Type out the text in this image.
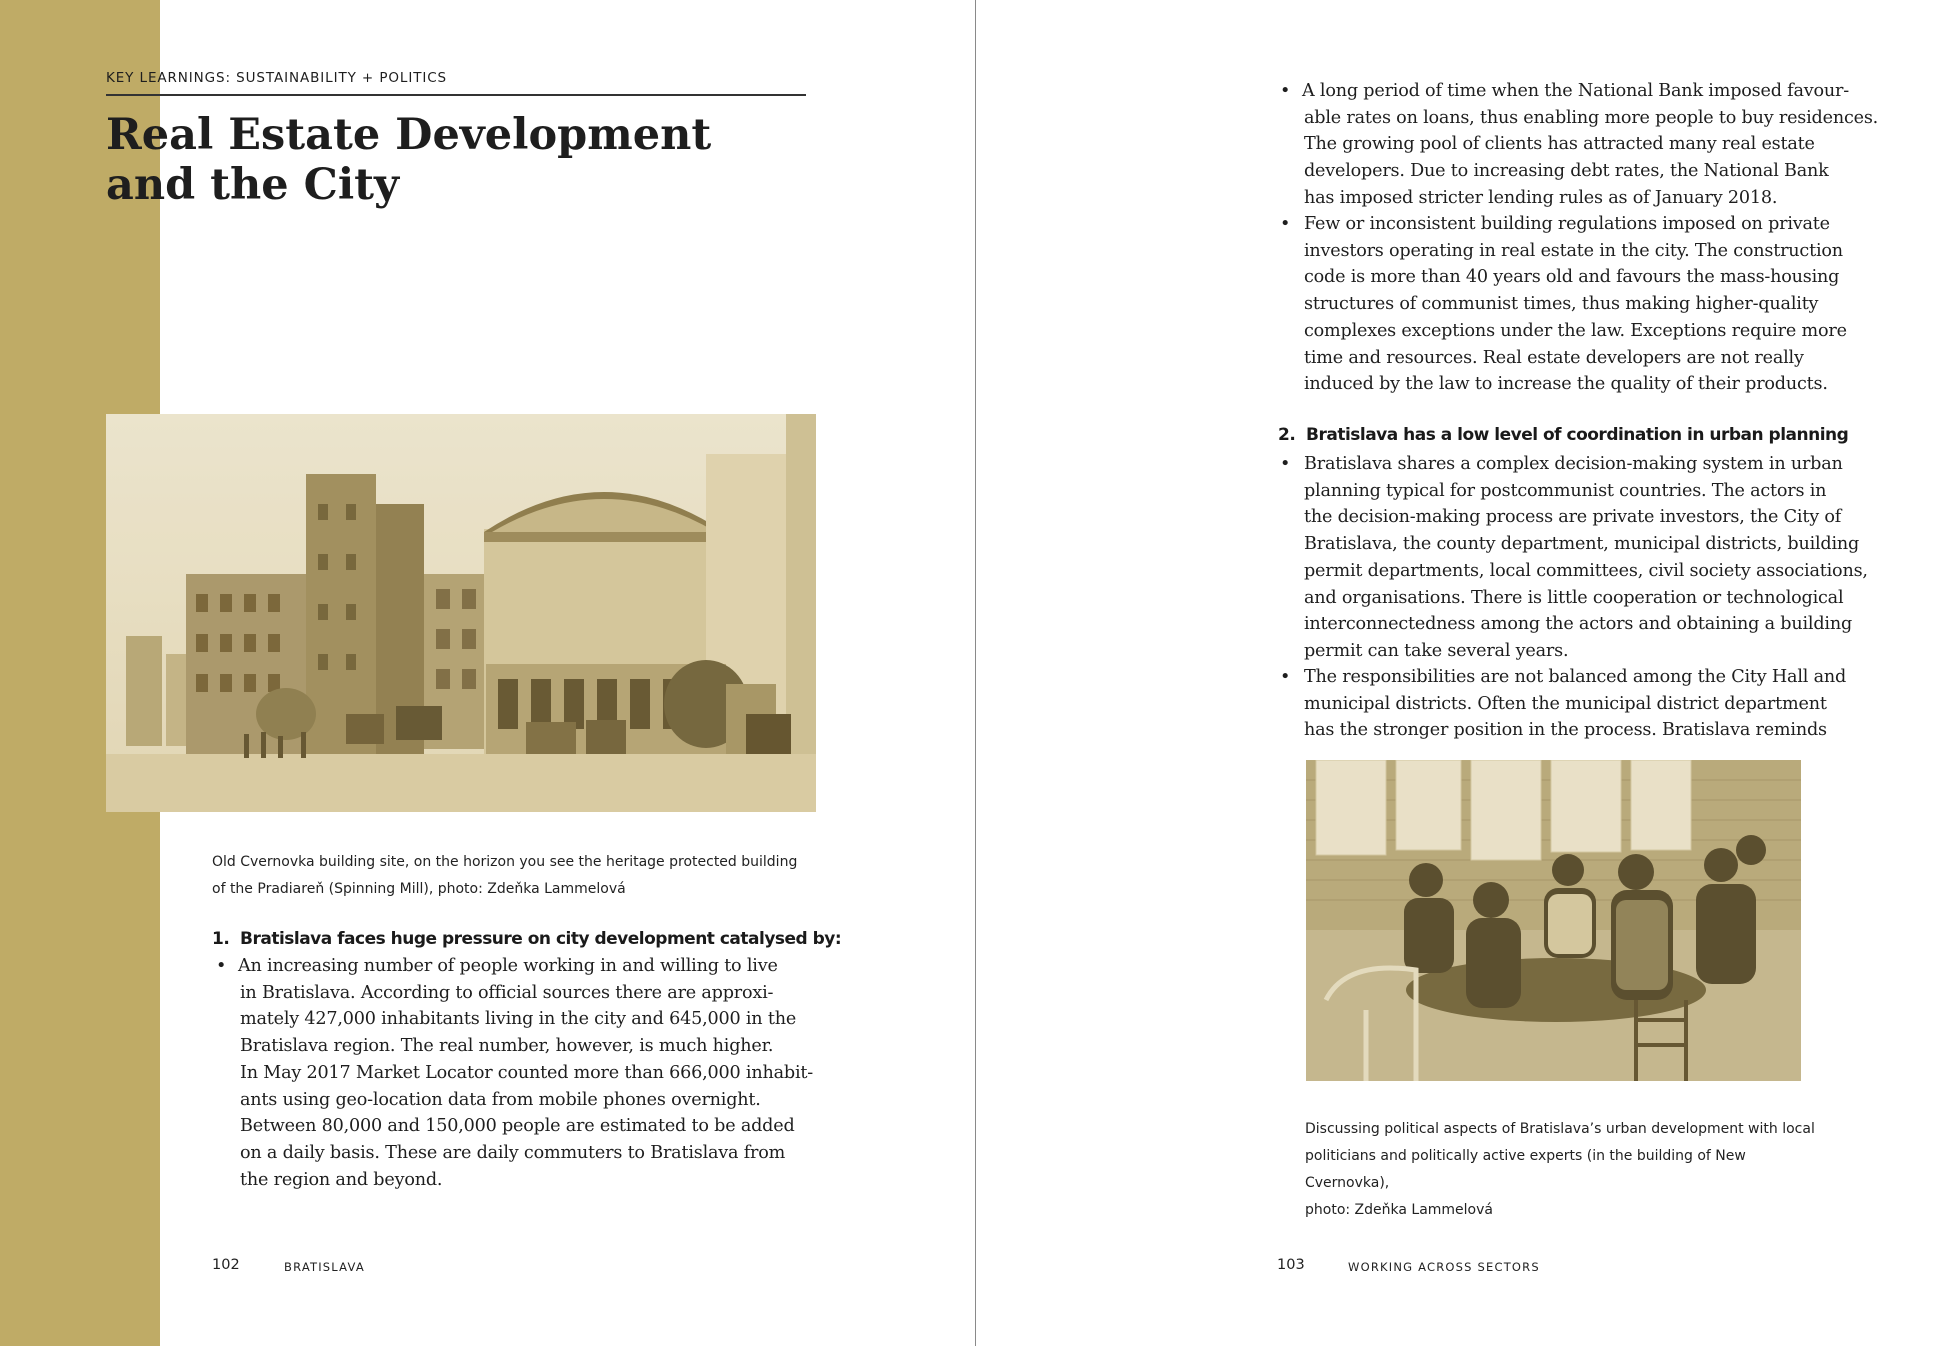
KEY LEARNINGS: SUSTAINABILITY + POLITICS
Real Estate Development
and the City
Old Cvernovka building site, on the horizon you see the heritage protected building
of the Pradiareň (Spinning Mill), photo: Zdeňka Lammelová
1. Bratislava faces huge pressure on city development catalysed by:
• An increasing number of people working in and willing to live
in Bratislava. According to official sources there are approxi-
mately 427,000 inhabitants living in the city and 645,000 in the
Bratislava region. The real number, however, is much higher.
In May 2017 Market Locator counted more than 666,000 inhabit-
ants using geo-location data from mobile phones overnight.
Between 80,000 and 150,000 people are estimated to be added
on a daily basis. These are daily commuters to Bratislava from
the region and beyond.
102	BRATISLAVA
• A long period of time when the National Bank imposed favour-
able rates on loans, thus enabling more people to buy residences.
The growing pool of clients has attracted many real estate
developers. Due to increasing debt rates, the National Bank
has imposed stricter lending rules as of January 2018.
• Few or inconsistent building regulations imposed on private
investors operating in real estate in the city. The construction
code is more than 40 years old and favours the mass-housing
structures of communist times, thus making higher-quality
complexes exceptions under the law. Exceptions require more
time and resources. Real estate developers are not really
induced by the law to increase the quality of their products.
2. Bratislava has a low level of coordination in urban planning
• Bratislava shares a complex decision-making system in urban
planning typical for postcommunist countries. The actors in
the decision-making process are private investors, the City of
Bratislava, the county department, municipal districts, building
permit departments, local committees, civil society associations,
and organisations. There is little cooperation or technological
interconnectedness among the actors and obtaining a building
permit can take several years.
• The responsibilities are not balanced among the City Hall and
municipal districts. Often the municipal district department
has the stronger position in the process. Bratislava reminds
Discussing political aspects of Bratislava’s urban development with local
politicians and politically active experts (in the building of New Cvernovka),
photo: Zdeňka Lammelová
103	WORKING ACROSS SECTORS
